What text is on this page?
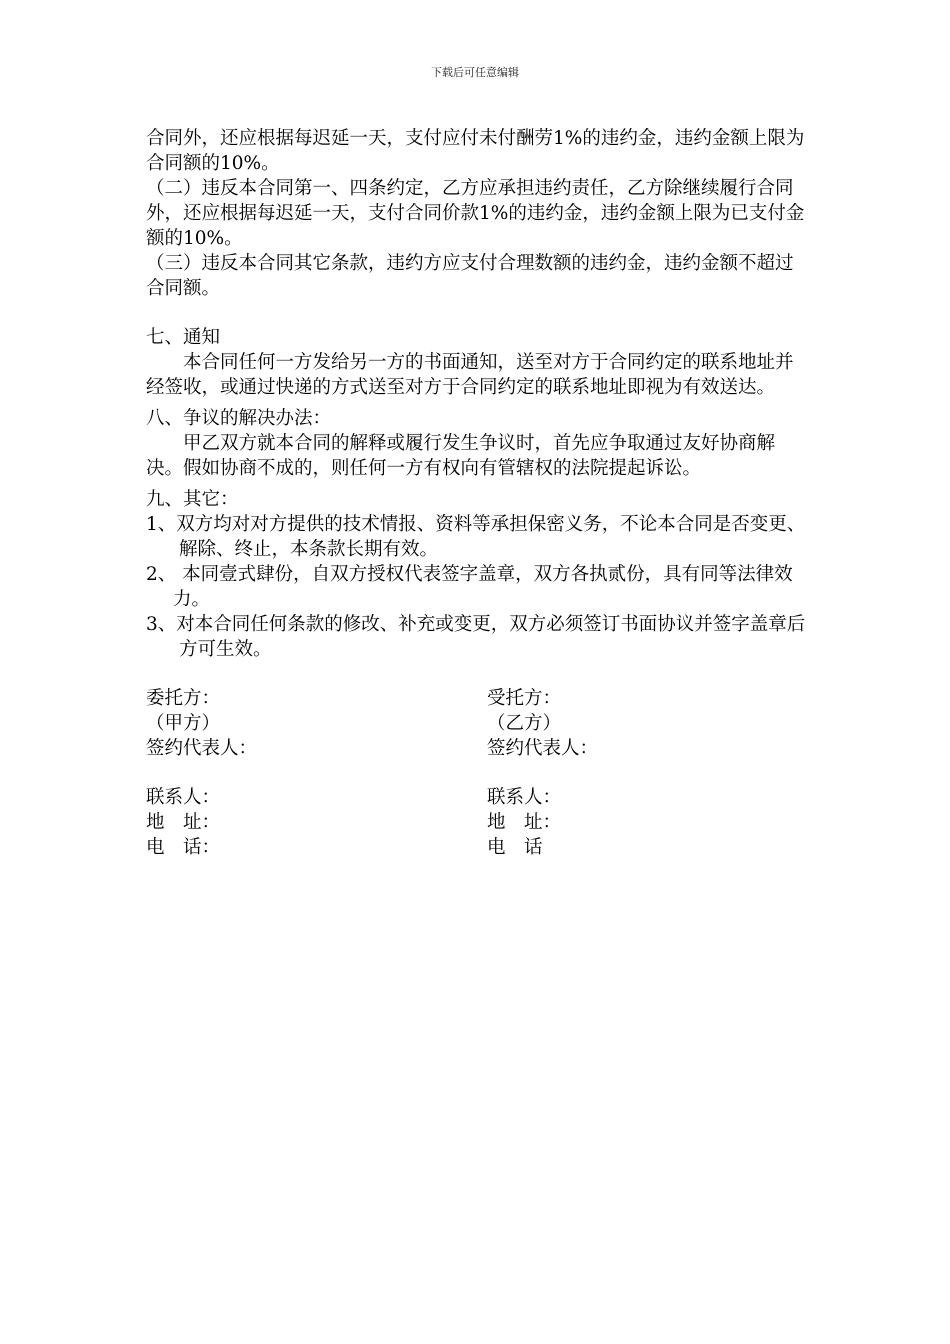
下载后可任意编辑

合同外，还应根据每迟延一天，支付应付未付酬劳1%的违约金，违约金额上限为合同额的10%。

（二）违反本合同第一、四条约定，乙方应承担违约责任，乙方除继续履行合同外，还应根据每迟延一天，支付合同价款1%的违约金，违约金额上限为已支付金额的10%。

（三）违反本合同其它条款，违约方应支付合理数额的违约金，违约金额不超过合同额。

七、通知

本合同任何一方发给另一方的书面通知，送至对方于合同约定的联系地址并经签收，或通过快递的方式送至对方于合同约定的联系地址即视为有效送达。

八、争议的解决办法：

甲乙双方就本合同的解释或履行发生争议时，首先应争取通过友好协商解决。假如协商不成的，则任何一方有权向有管辖权的法院提起诉讼。

九、其它：

1、双方均对对方提供的技术情报、资料等承担保密义务，不论本合同是否变更、解除、终止，本条款长期有效。

2、 本同壹式肆份，自双方授权代表签字盖章，双方各执贰份，具有同等法律效力。

3、对本合同任何条款的修改、补充或变更，双方必须签订书面协议并签字盖章后方可生效。

委托方：

（甲方）

签约代表人：

联系人：

地　址：

电　话：

受托方：

（乙方）

签约代表人：

联系人：

地　址：

电　话
